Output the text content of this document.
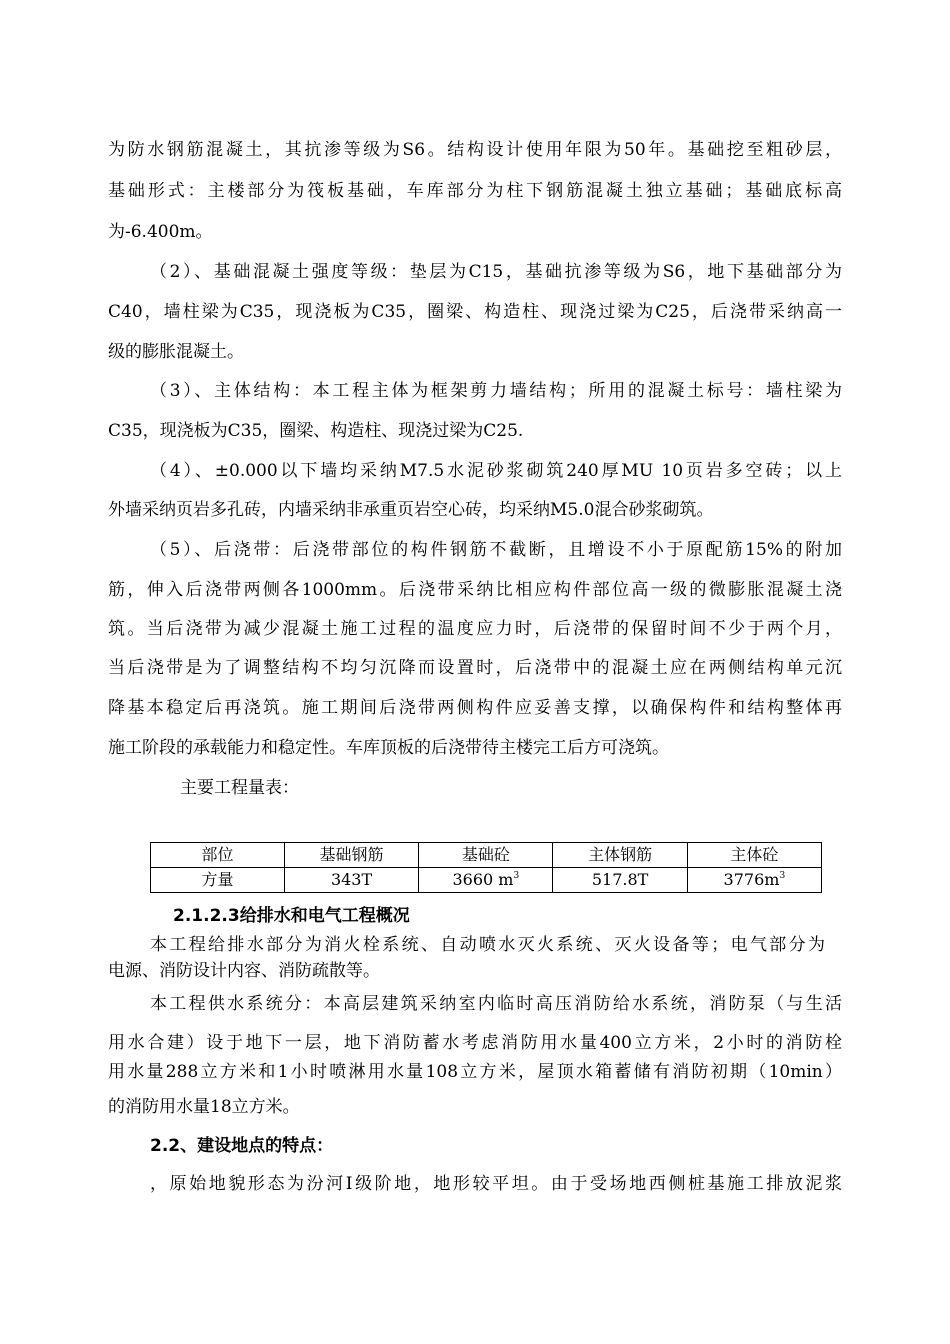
为防水钢筋混凝土，其抗渗等级为S6。结构设计使用年限为50年。基础挖至粗砂层，
基础形式：主楼部分为筏板基础，车库部分为柱下钢筋混凝土独立基础；基础底标高
为-6.400m。
（2）、基础混凝土强度等级：垫层为C15，基础抗渗等级为S6，地下基础部分为
C40，墙柱梁为C35，现浇板为C35，圈梁、构造柱、现浇过梁为C25，后浇带采纳高一
级的膨胀混凝土。
（3）、主体结构：本工程主体为框架剪力墙结构；所用的混凝土标号：墙柱梁为
C35，现浇板为C35，圈梁、构造柱、现浇过梁为C25.
（4）、±0.000以下墙均采纳M7.5水泥砂浆砌筑240厚MU 10页岩多空砖；以上
外墙采纳页岩多孔砖，内墙采纳非承重页岩空心砖，均采纳M5.0混合砂浆砌筑。
（5）、后浇带：后浇带部位的构件钢筋不截断，且增设不小于原配筋15%的附加
筋，伸入后浇带两侧各1000mm。后浇带采纳比相应构件部位高一级的微膨胀混凝土浇
筑。当后浇带为减少混凝土施工过程的温度应力时，后浇带的保留时间不少于两个月，
当后浇带是为了调整结构不均匀沉降而设置时，后浇带中的混凝土应在两侧结构单元沉
降基本稳定后再浇筑。施工期间后浇带两侧构件应妥善支撑，以确保构件和结构整体再
施工阶段的承载能力和稳定性。车库顶板的后浇带待主楼完工后方可浇筑。
主要工程量表：
部位	基础钢筋	基础砼	主体钢筋	主体砼
方量	343T	3660 $m^3$	517.8T	$3776m^3$
2.1.2.3给排水和电气工程概况
本工程给排水部分为消火栓系统、自动喷水灭火系统、灭火设备等；电气部分为
电源、消防设计内容、消防疏散等。
本工程供水系统分：本高层建筑采纳室内临时高压消防给水系统，消防泵（与生活
用水合建）设于地下一层，地下消防蓄水考虑消防用水量400立方米，2小时的消防栓
用水量288立方米和1小时喷淋用水量108立方米，屋顶水箱蓄储有消防初期（10min）
的消防用水量18立方米。
2.2、建设地点的特点：
，原始地貌形态为汾河Ⅰ级阶地，地形较平坦。由于受场地西侧桩基施工排放泥浆
